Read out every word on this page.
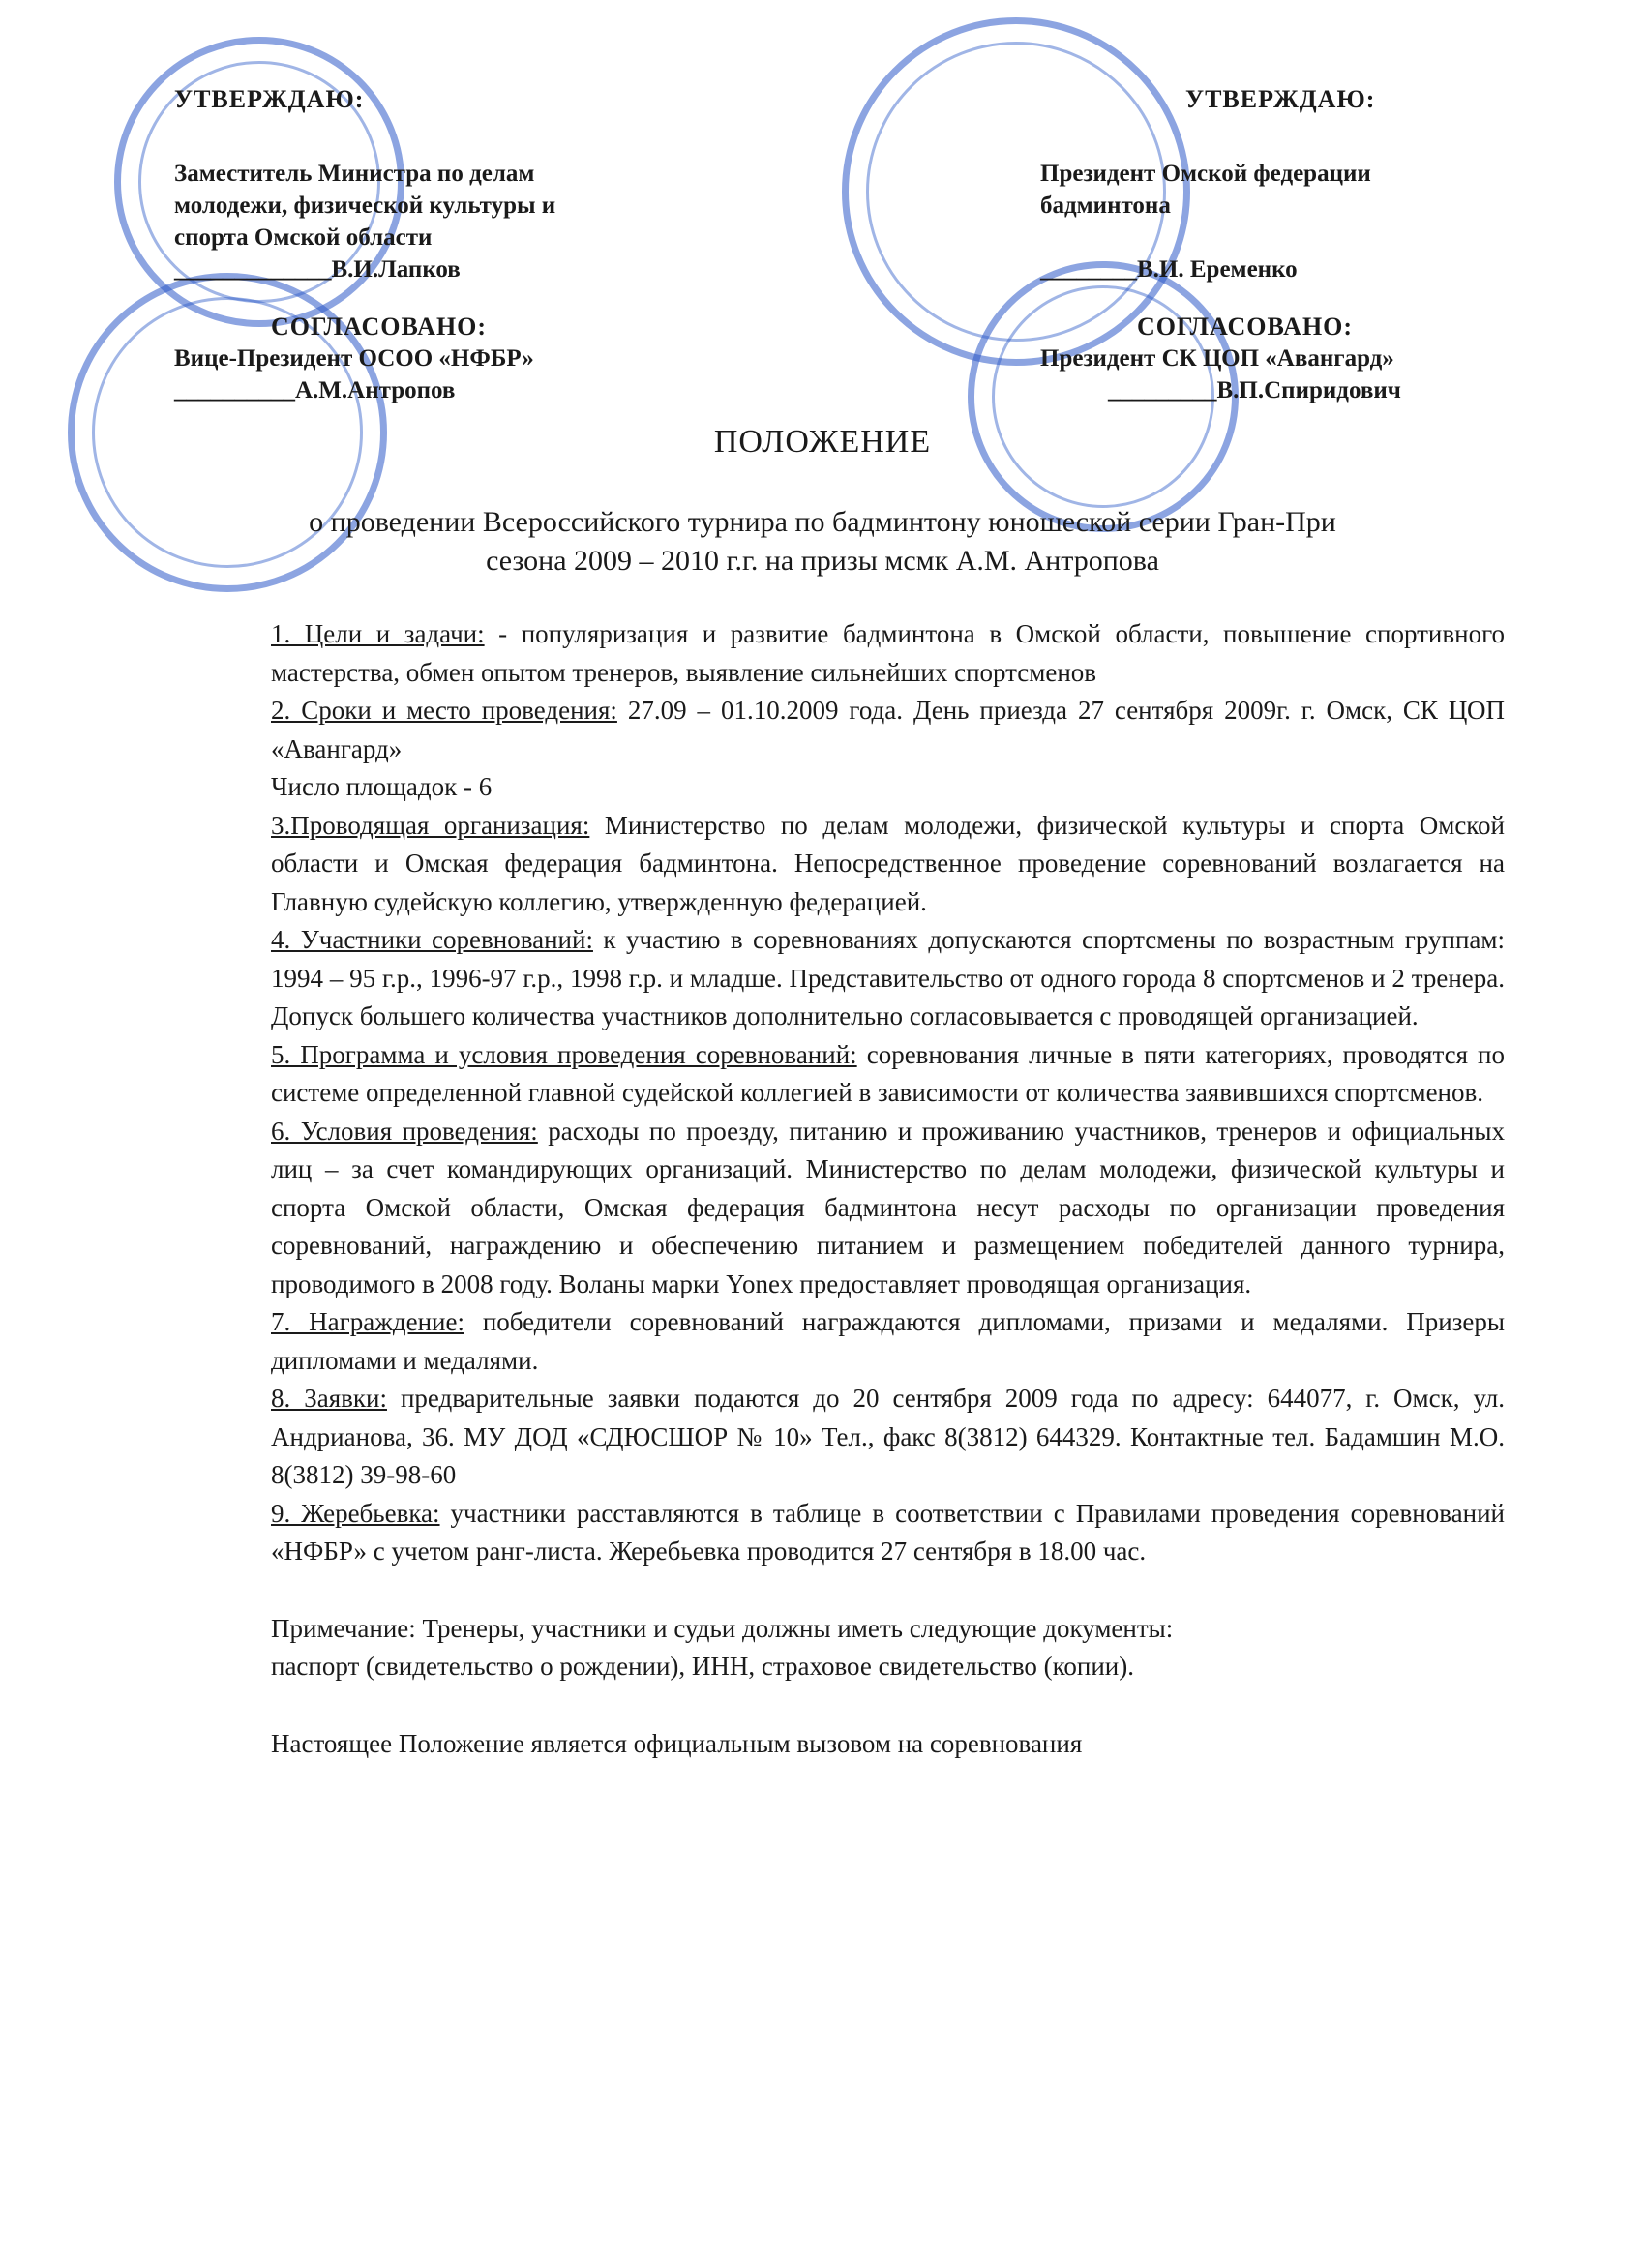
УТВЕРЖДАЮ:
Заместитель Министра по делам
молодежи, физической культуры и
спорта Омской области
_____________В.И.Лапков
СОГЛАСОВАНО:
Вице-Президент ОСОО «НФБР»
__________А.М.Антропов
УТВЕРЖДАЮ:
Президент Омской федерации
бадминтона
________В.И. Еременко
СОГЛАСОВАНО:
Президент СК ЦОП «Авангард»
_________В.П.Спиридович
ПОЛОЖЕНИЕ
о проведении Всероссийского турнира по бадминтону юношеской серии Гран-При
сезона 2009 – 2010 г.г. на призы мсмк А.М. Антропова

1. Цели и задачи: - популяризация и развитие бадминтона в Омской области, повышение спортивного мастерства, обмен опытом тренеров, выявление сильнейших спортсменов

2. Сроки и место проведения: 27.09 – 01.10.2009 года. День приезда 27 сентября 2009г. г. Омск, СК ЦОП «Авангард»

Число площадок - 6

3.Проводящая организация: Министерство по делам молодежи, физической культуры и спорта Омской области и Омская федерация бадминтона. Непосредственное проведение соревнований возлагается на Главную судейскую коллегию, утвержденную федерацией.

4. Участники соревнований: к участию в соревнованиях допускаются спортсмены по возрастным группам: 1994 – 95 г.р., 1996-97 г.р., 1998 г.р. и младше. Представительство от одного города 8 спортсменов и 2 тренера. Допуск большего количества участников дополнительно согласовывается с проводящей организацией.

5. Программа и условия проведения соревнований: соревнования личные в пяти категориях, проводятся по системе определенной главной судейской коллегией в зависимости от количества заявившихся спортсменов.

6. Условия проведения: расходы по проезду, питанию и проживанию участников, тренеров и официальных лиц – за счет командирующих организаций. Министерство по делам молодежи, физической культуры и спорта Омской области, Омская федерация бадминтона несут расходы по организации проведения соревнований, награждению и обеспечению питанием и размещением победителей данного турнира, проводимого в 2008 году. Воланы марки Yonex предоставляет проводящая организация.

7. Награждение: победители соревнований награждаются дипломами, призами и медалями. Призеры дипломами и медалями.

8. Заявки: предварительные заявки подаются до 20 сентября 2009 года по адресу: 644077, г. Омск, ул. Андрианова, 36. МУ ДОД «СДЮСШОР № 10» Тел., факс 8(3812) 644329. Контактные тел. Бадамшин М.О. 8(3812) 39-98-60

9. Жеребьевка: участники расставляются в таблице в соответствии с Правилами проведения соревнований «НФБР» с учетом ранг-листа. Жеребьевка проводится 27 сентября в 18.00 час.

Примечание: Тренеры, участники и судьи должны иметь следующие документы:

паспорт (свидетельство о рождении), ИНН, страховое свидетельство (копии).

Настоящее Положение является официальным вызовом на соревнования
